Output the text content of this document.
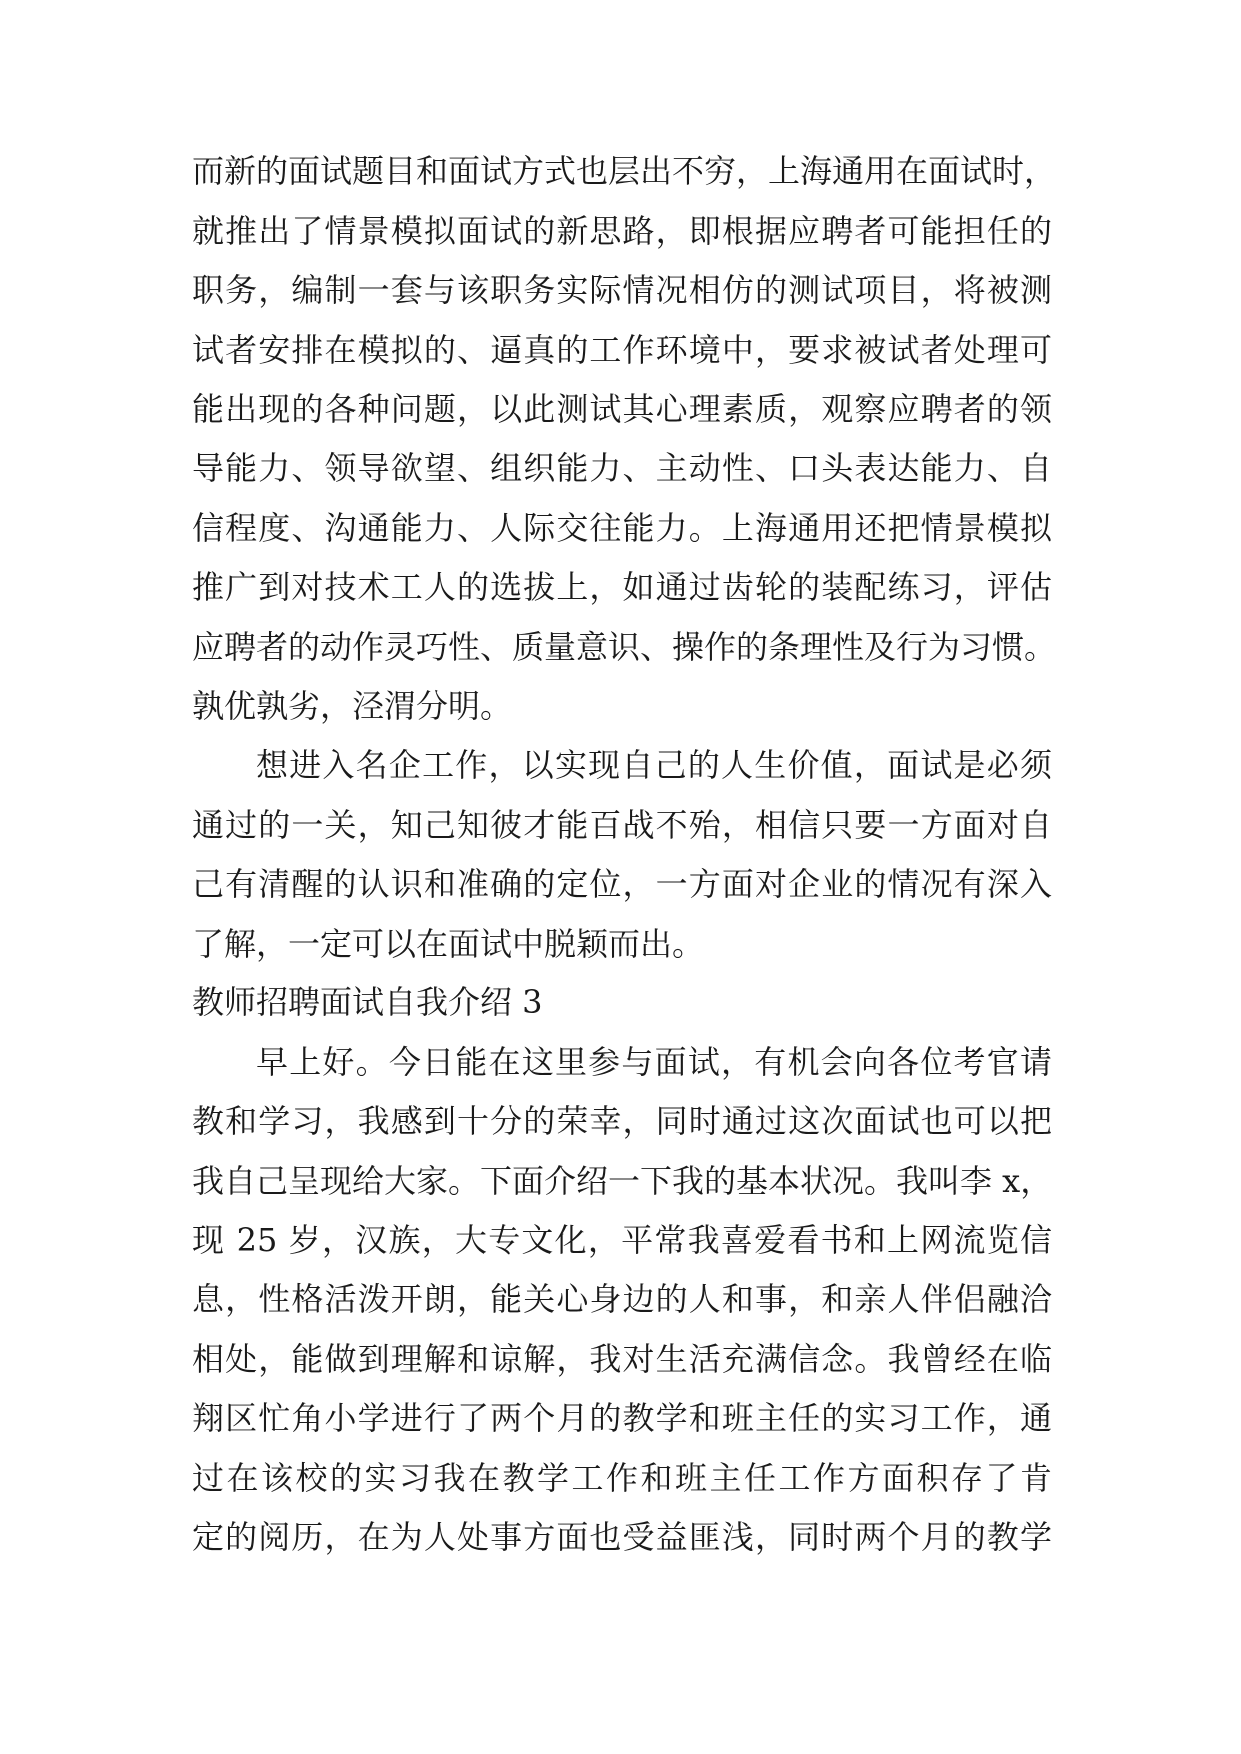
而新的面试题目和面试方式也层出不穷，上海通用在面试时，
就推出了情景模拟面试的新思路，即根据应聘者可能担任的
职务，编制一套与该职务实际情况相仿的测试项目，将被测
试者安排在模拟的、逼真的工作环境中，要求被试者处理可
能出现的各种问题，以此测试其心理素质，观察应聘者的领
导能力、领导欲望、组织能力、主动性、口头表达能力、自
信程度、沟通能力、人际交往能力。上海通用还把情景模拟
推广到对技术工人的选拔上，如通过齿轮的装配练习，评估
应聘者的动作灵巧性、质量意识、操作的条理性及行为习惯。
孰优孰劣，泾渭分明。
想进入名企工作，以实现自己的人生价值，面试是必须
通过的一关，知己知彼才能百战不殆，相信只要一方面对自
己有清醒的认识和准确的定位，一方面对企业的情况有深入
了解，一定可以在面试中脱颖而出。
教师招聘面试自我介绍 3
早上好。今日能在这里参与面试，有机会向各位考官请
教和学习，我感到十分的荣幸，同时通过这次面试也可以把
我自己呈现给大家。下面介绍一下我的基本状况。我叫李 x，
现 25 岁，汉族，大专文化，平常我喜爱看书和上网流览信
息，性格活泼开朗，能关心身边的人和事，和亲人伴侣融洽
相处，能做到理解和谅解，我对生活充满信念。我曾经在临
翔区忙角小学进行了两个月的教学和班主任的实习工作，通
过在该校的实习我在教学工作和班主任工作方面积存了肯
定的阅历，在为人处事方面也受益匪浅，同时两个月的教学
